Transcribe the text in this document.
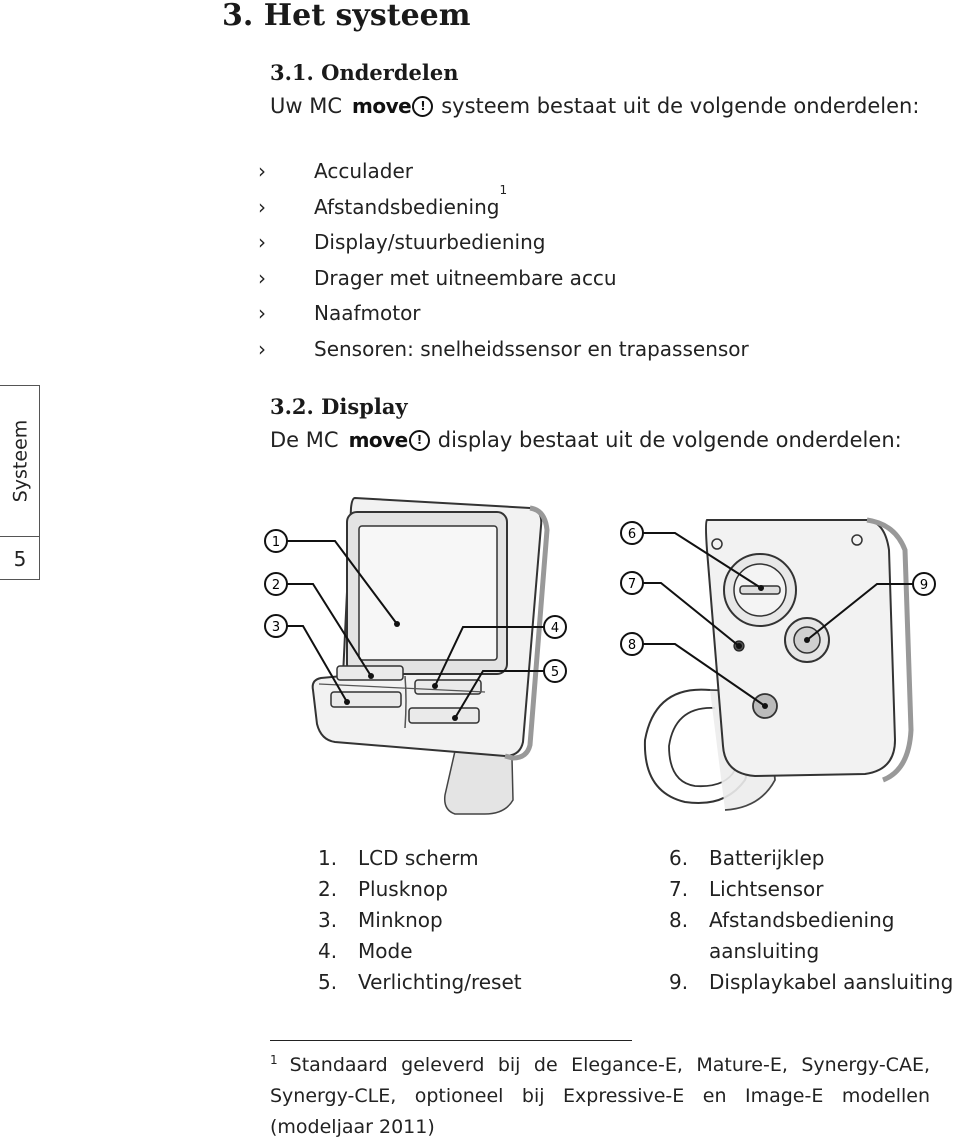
3. Het systeem
3.1. Onderdelen
Uw MC move ! systeem bestaat uit de volgende onderdelen:
›	Acculader
›	Afstandsbediening
1
›	Display/stuurbediening
›	Drager met uitneembare accu
›	Naafmotor
›	Sensoren: snelheidssensor en trapassensor
Systeem
5
3.2. Display
De MC move ! display bestaat uit de volgende onderdelen:
1
2
3	4
5
6
7
8
9
1.	LCD scherm
2.	Plusknop
3.	Minknop
4.	Mode
5.	Verlichting/reset
6.	Batterijklep
7.	Lichtsensor
8.	Afstandsbediening
aansluiting
9.	Displaykabel aansluiting

$^1$ Standaard geleverd bij de Elegance-E, Mature-E, Synergy-CAE, Synergy-CLE, optioneel bij Expressive-E en Image-E modellen (modeljaar 2011)
